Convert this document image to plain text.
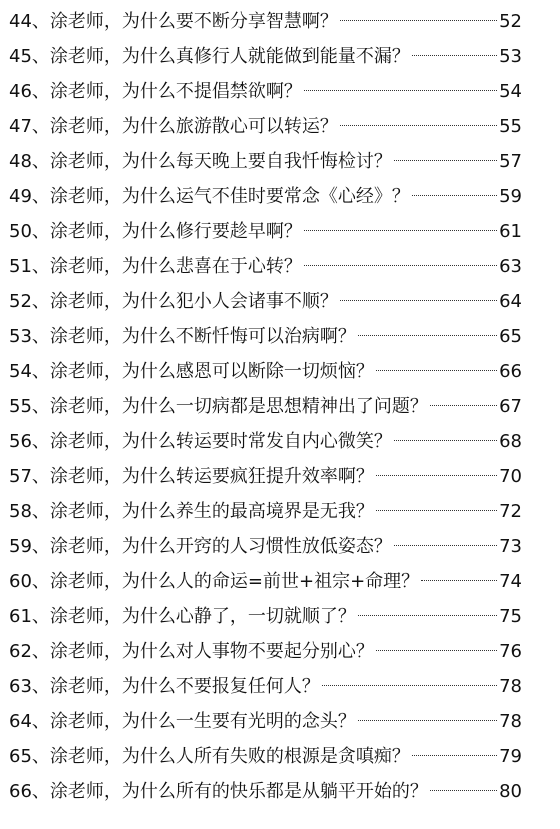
44、 涂老师，为什么要不断分享智慧啊？	52
45、 涂老师，为什么真修行人就能做到能量不漏？	53
46、 涂老师，为什么不提倡禁欲啊？	54
47、 涂老师，为什么旅游散心可以转运？	55
48、 涂老师，为什么每天晚上要自我忏悔检讨？	57
49、 涂老师，为什么运气不佳时要常念《心经》？	59
50、 涂老师，为什么修行要趁早啊？	61
51、 涂老师，为什么悲喜在于心转？	63
52、 涂老师，为什么犯小人会诸事不顺？	64
53、 涂老师，为什么不断忏悔可以治病啊？	65
54、 涂老师，为什么感恩可以断除一切烦恼？	66
55、 涂老师，为什么一切病都是思想精神出了问题？	67
56、 涂老师，为什么转运要时常发自内心微笑？	68
57、 涂老师，为什么转运要疯狂提升效率啊？	70
58、 涂老师，为什么养生的最高境界是无我？	72
59、 涂老师，为什么开窍的人习惯性放低姿态？	73
60、 涂老师，为什么人的命运=前世+祖宗+命理？	74
61、 涂老师，为什么心静了，一切就顺了？	75
62、 涂老师，为什么对人事物不要起分别心？	76
63、 涂老师，为什么不要报复任何人？	78
64、 涂老师，为什么一生要有光明的念头？	78
65、 涂老师，为什么人所有失败的根源是贪嗔痴？	79
66、 涂老师，为什么所有的快乐都是从躺平开始的？	80
